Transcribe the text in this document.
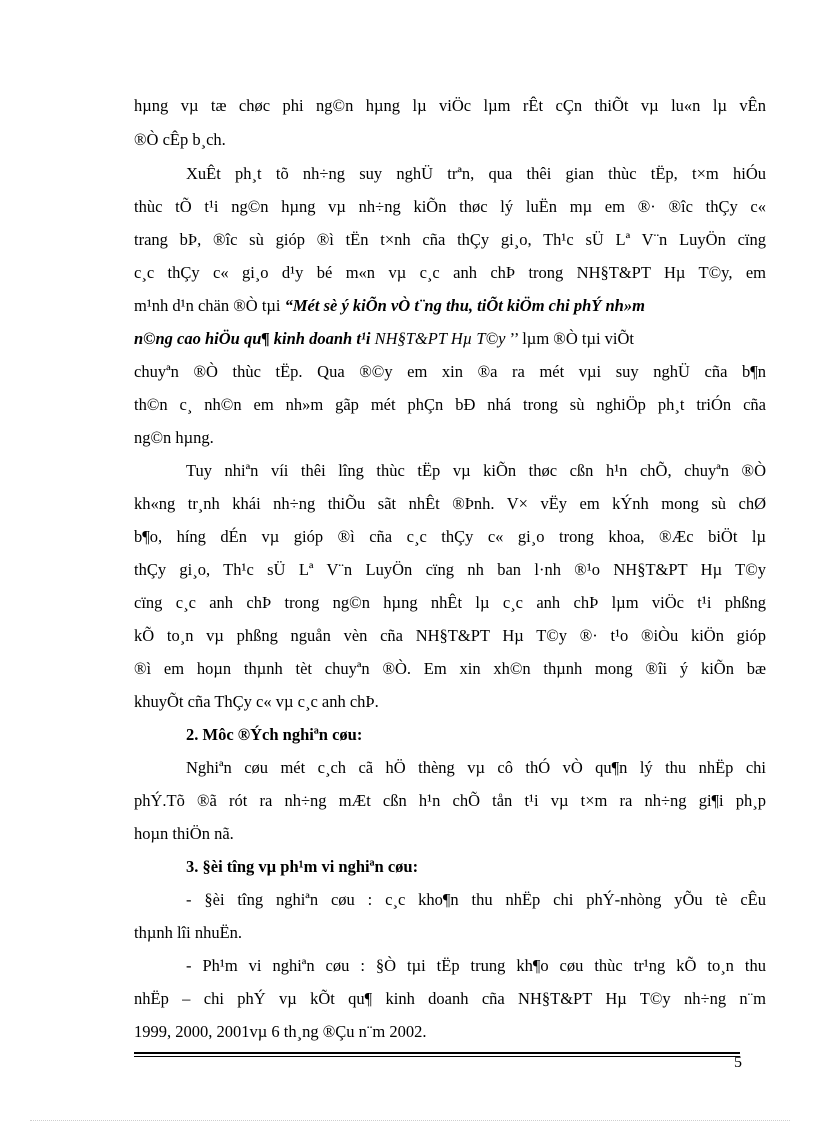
hµng vµ tæ chøc phi ng©n hµng lµ viÖc lµm rÊt cÇn thiÕt vµ lu«n lµ vÊn
®Ò cÊp b¸ch.
XuÊt ph¸t tõ nh÷ng suy nghÜ trªn, qua thêi gian thùc tËp, t×m hiÓu
thùc tÕ t¹i ng©n hµng vµ nh÷ng kiÕn thøc lý luËn mµ em ®· ®îc thÇy c«
trang bÞ, ®îc sù gióp ®ì tËn t×nh cña thÇy gi¸o, Th¹c sÜ Lª V¨n LuyÖn cïng
c¸c thÇy c« gi¸o d¹y bé m«n vµ c¸c anh chÞ trong NH§T&PT Hµ T©y, em
m¹nh d¹n chän ®Ò tµi “Mét sè ý kiÕn vÒ t¨ng thu, tiÕt kiÖm chi phÝ nh»m
n©ng cao hiÖu qu¶ kinh doanh t¹i NH§T&PT Hµ T©y ’’ lµm ®Ò tµi viÕt
chuyªn ®Ò thùc tËp. Qua ®©y em xin ®a ra mét vµi suy nghÜ cña b¶n
th©n c¸ nh©n em nh»m gãp mét phÇn bÐ nhá trong sù nghiÖp ph¸t triÓn cña
ng©n hµng.
Tuy nhiªn víi thêi lîng thùc tËp vµ kiÕn thøc cßn h¹n chÕ, chuyªn ®Ò
kh«ng tr¸nh khái nh÷ng thiÕu sãt nhÊt ®Þnh. V× vËy em kÝnh mong sù chØ
b¶o, híng dÉn vµ gióp ®ì cña c¸c thÇy c« gi¸o trong khoa, ®Æc biÖt lµ
thÇy gi¸o, Th¹c sÜ Lª V¨n LuyÖn cïng nh ban l·nh ®¹o NH§T&PT Hµ T©y
cïng c¸c anh chÞ trong ng©n hµng nhÊt lµ c¸c anh chÞ lµm viÖc t¹i phßng
kÕ to¸n vµ phßng nguån vèn cña NH§T&PT Hµ T©y ®· t¹o ®iÒu kiÖn gióp
®ì em hoµn thµnh tèt chuyªn ®Ò. Em xin xh©n thµnh mong ®îi ý kiÕn bæ
khuyÕt cña ThÇy c« vµ c¸c anh chÞ.
2. Môc ®Ých nghiªn cøu:
Nghiªn cøu mét c¸ch cã hÖ thèng vµ cô thÓ vÒ qu¶n lý thu nhËp chi
phÝ.Tõ ®ã rót ra nh÷ng mÆt cßn h¹n chÕ tån t¹i vµ t×m ra nh÷ng gi¶i ph¸p
hoµn thiÖn nã.
3. §èi tîng vµ ph¹m vi nghiªn cøu:
- §èi tîng nghiªn cøu : c¸c kho¶n thu nhËp chi phÝ-nhòng yÕu tè cÊu
thµnh lîi nhuËn.
- Ph¹m vi nghiªn cøu : §Ò tµi tËp trung kh¶o cøu thùc tr¹ng kÕ to¸n thu
nhËp – chi phÝ vµ kÕt qu¶ kinh doanh cña NH§T&PT Hµ T©y nh÷ng n¨m
1999, 2000, 2001vµ 6 th¸ng ®Çu n¨m 2002.
5
